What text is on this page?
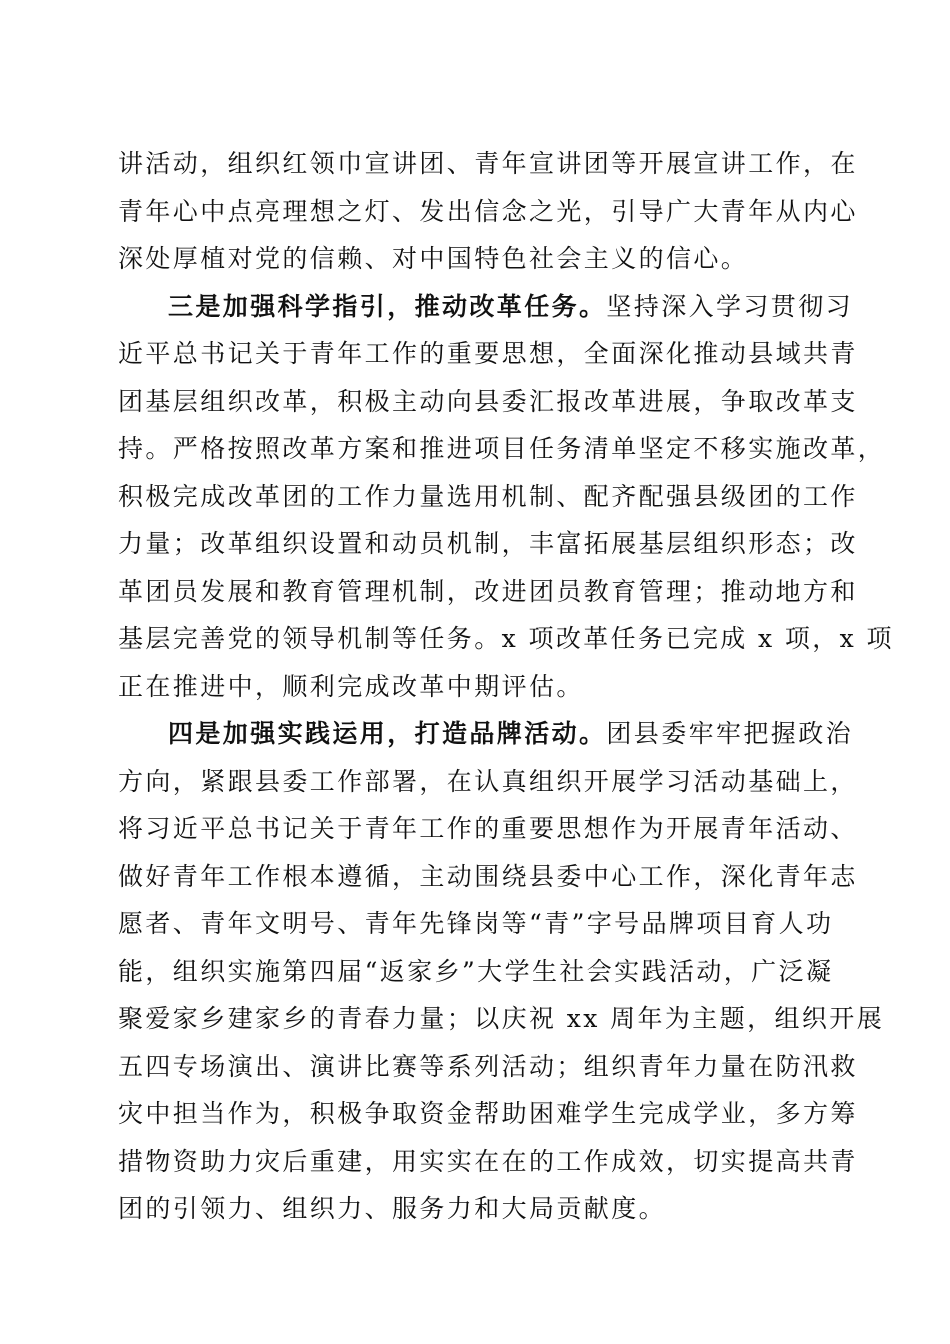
讲活动，组织红领巾宣讲团、青年宣讲团等开展宣讲工作，在
青年心中点亮理想之灯、发出信念之光，引导广大青年从内心
深处厚植对党的信赖、对中国特色社会主义的信心。
三是加强科学指引，推动改革任务。坚持深入学习贯彻习
近平总书记关于青年工作的重要思想，全面深化推动县域共青
团基层组织改革，积极主动向县委汇报改革进展，争取改革支
持。严格按照改革方案和推进项目任务清单坚定不移实施改革，
积极完成改革团的工作力量选用机制、配齐配强县级团的工作
力量；改革组织设置和动员机制，丰富拓展基层组织形态；改
革团员发展和教育管理机制，改进团员教育管理；推动地方和
基层完善党的领导机制等任务。x 项改革任务已完成 x 项，x 项
正在推进中，顺利完成改革中期评估。
四是加强实践运用，打造品牌活动。团县委牢牢把握政治
方向，紧跟县委工作部署，在认真组织开展学习活动基础上，
将习近平总书记关于青年工作的重要思想作为开展青年活动、
做好青年工作根本遵循，主动围绕县委中心工作，深化青年志
愿者、青年文明号、青年先锋岗等“青”字号品牌项目育人功
能，组织实施第四届“返家乡”大学生社会实践活动，广泛凝
聚爱家乡建家乡的青春力量；以庆祝 xx 周年为主题，组织开展
五四专场演出、演讲比赛等系列活动；组织青年力量在防汛救
灾中担当作为，积极争取资金帮助困难学生完成学业，多方筹
措物资助力灾后重建，用实实在在的工作成效，切实提高共青
团的引领力、组织力、服务力和大局贡献度。
